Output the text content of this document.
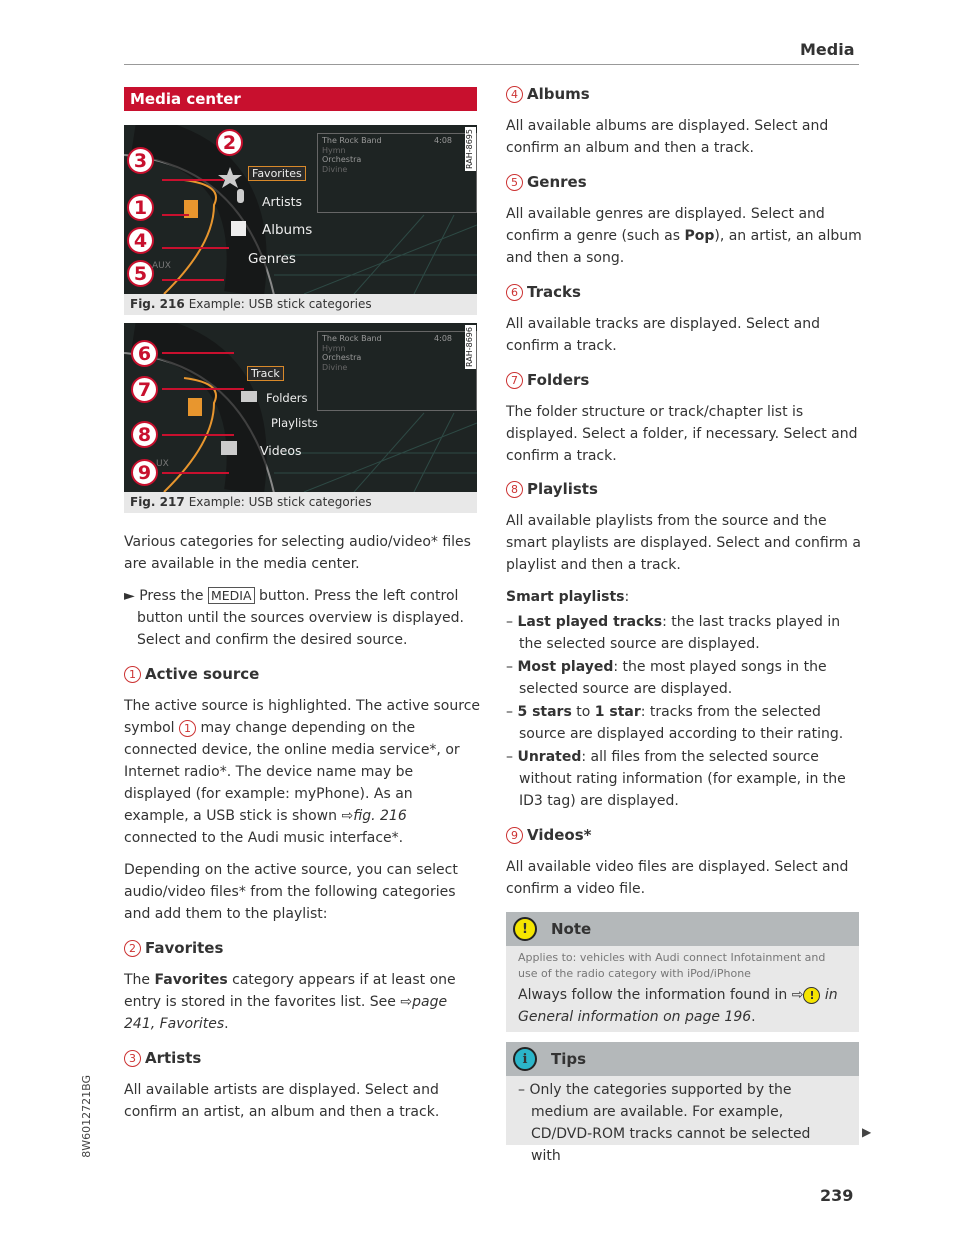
Media
Media center
2
3
1
4
5
Favorites
Artists
Albums
Genres
AUX
The Rock Band	4:08
Hymn
Orchestra
Divine
RAH-8695
Fig. 216 Example: USB stick categories
6
7
8
9
Track
Folders
Playlists
Videos
UX
The Rock Band	4:08
Hymn
Orchestra
Divine
RAH-8696
Fig. 217 Example: USB stick categories
Various categories for selecting audio/video* files are available in the media center.
► Press the MEDIA button. Press the left control button until the sources overview is displayed. Select and confirm the desired source.
1 Active source
The active source is highlighted. The active source symbol 1 may change depending on the connected device, the online media service*, or Internet radio*. The device name may be displayed (for example: myPhone). As an example, a USB stick is shown ⇨fig. 216 connected to the Audi music interface*.
Depending on the active source, you can select audio/video files* from the following categories and add them to the playlist:
2 Favorites
The Favorites category appears if at least one entry is stored in the favorites list. See ⇨page 241, Favorites.
3 Artists
All available artists are displayed. Select and confirm an artist, an album and then a track.
4 Albums
All available albums are displayed. Select and confirm an album and then a track.
5 Genres
All available genres are displayed. Select and confirm a genre (such as Pop), an artist, an album and then a song.
6 Tracks
All available tracks are displayed. Select and confirm a track.
7 Folders
The folder structure or track/chapter list is displayed. Select a folder, if necessary. Select and confirm a track.
8 Playlists
All available playlists from the source and the smart playlists are displayed. Select and confirm a playlist and then a track.
Smart playlists:
– Last played tracks: the last tracks played in the selected source are displayed.
– Most played: the most played songs in the selected source are displayed.
– 5 stars to 1 star: tracks from the selected source are displayed according to their rating.
– Unrated: all files from the selected source without rating information (for example, in the ID3 tag) are displayed.
9 Videos*
All available video files are displayed. Select and confirm a video file.
!	Note
Applies to: vehicles with Audi connect Infotainment and use of the radio category with iPod/iPhone
Always follow the information found in ⇨ ! in General information on page 196.
i	Tips
– Only the categories supported by the medium are available. For example, CD/DVD-ROM tracks cannot be selected with
▶
239
8W6012721BG
